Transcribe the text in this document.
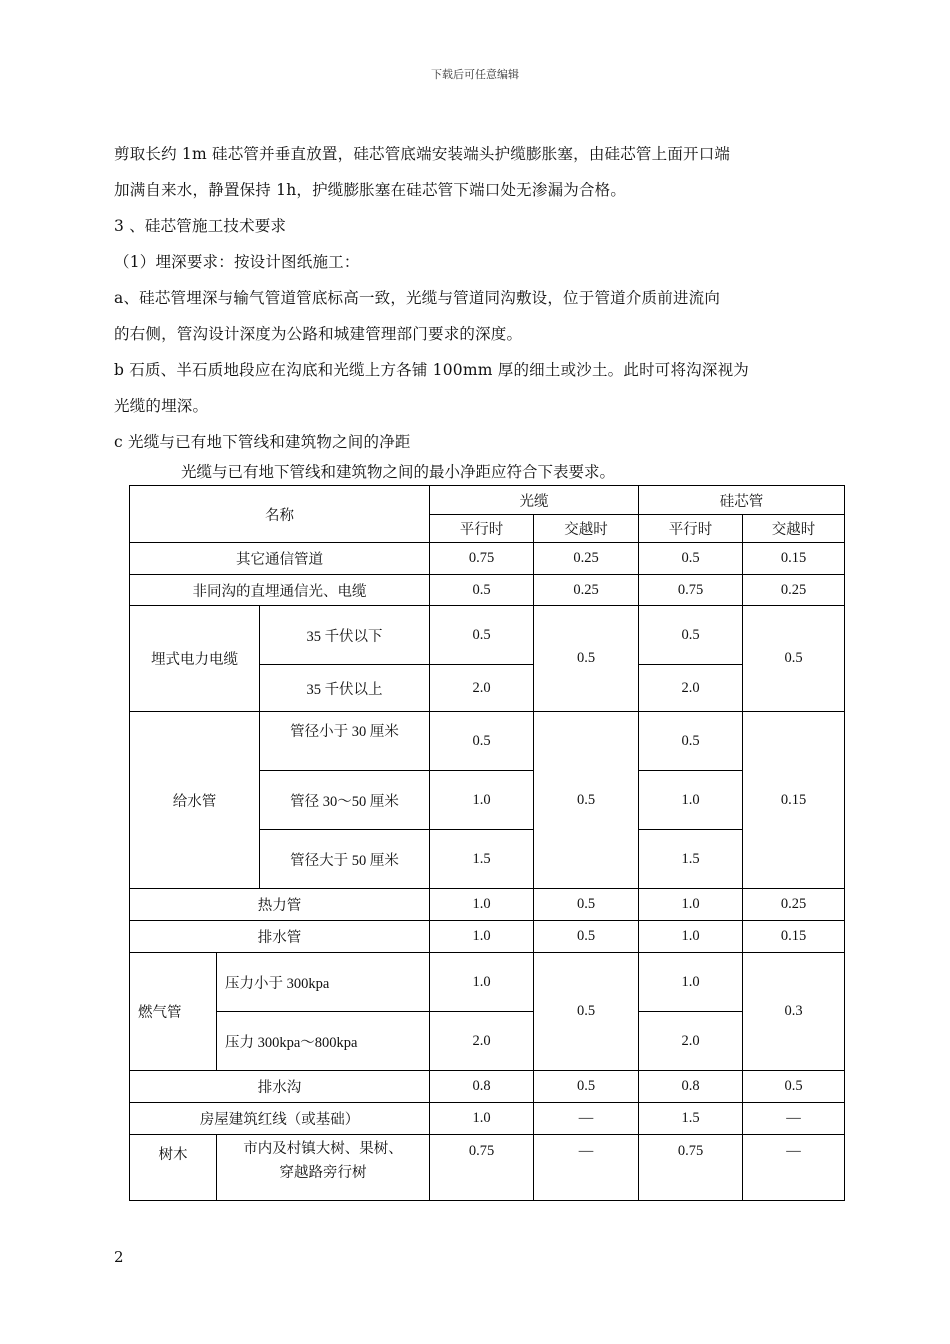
下载后可任意编辑
剪取长约 1m 硅芯管并垂直放置，硅芯管底端安装端头护缆膨胀塞，由硅芯管上面开口端
加满自来水，静置保持 1h，护缆膨胀塞在硅芯管下端口处无渗漏为合格。
3 、硅芯管施工技术要求
（1）埋深要求：按设计图纸施工：
a、硅芯管埋深与输气管道管底标高一致，光缆与管道同沟敷设，位于管道介质前进流向
的右侧，管沟设计深度为公路和城建管理部门要求的深度。
b 石质、半石质地段应在沟底和光缆上方各铺 100mm 厚的细土或沙土。此时可将沟深视为
光缆的埋深。
c 光缆与已有地下管线和建筑物之间的净距
光缆与已有地下管线和建筑物之间的最小净距应符合下表要求。
名称			光缆		硅芯管	
			平行时	交越时	平行时	交越时
其它通信管道			0.75	0.25	0.5	0.15
非同沟的直埋通信光、电缆			0.5	0.25	0.75	0.25
埋式电力电缆		35 千伏以下	0.5	0.5	0.5	0.5
		35 千伏以上	2.0		2.0	
给水管		管径小于 30 厘米	0.5	0.5	0.5	0.15
		管径 30～50 厘米	1.0		1.0	
		管径大于 50 厘米	1.5		1.5	
热力管			1.0	0.5	1.0	0.25
排水管			1.0	0.5	1.0	0.15
燃气管	压力小于 300kpa		1.0	0.5	1.0	0.3
	压力 300kpa～800kpa		2.0		2.0	
排水沟			0.8	0.5	0.8	0.5
房屋建筑红线（或基础）			1.0	—	1.5	—
树木	市内及村镇大树、果树、
穿越路旁行树		0.75	—	0.75	—
2
